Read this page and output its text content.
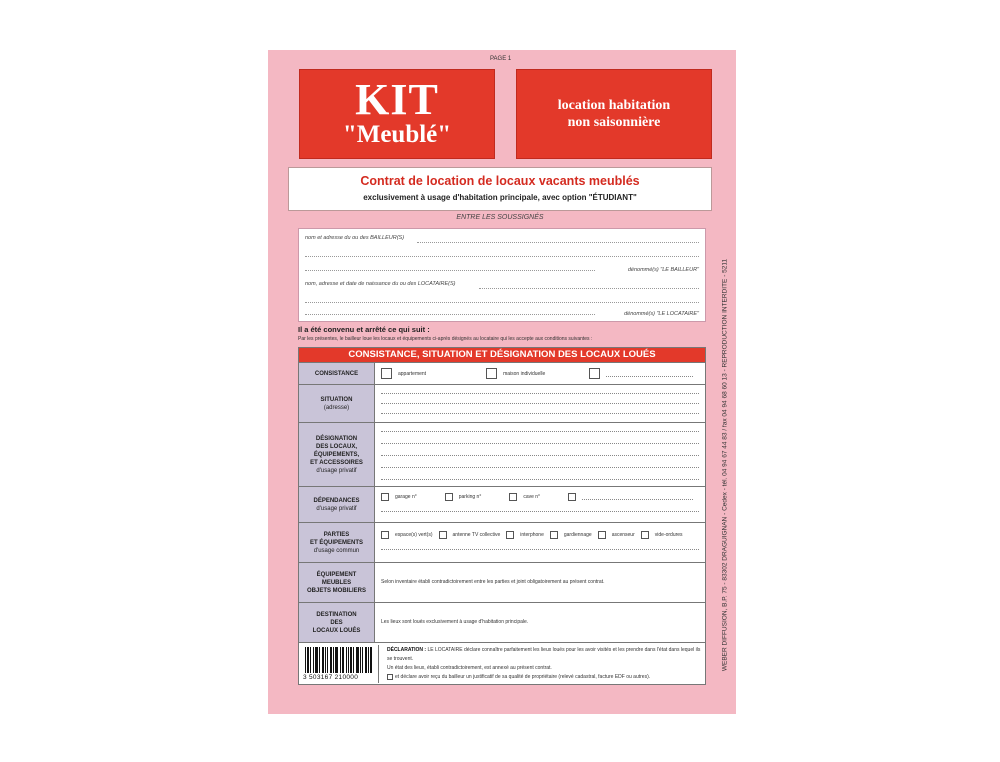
PAGE 1
KIT
"Meublé"
location habitation
non saisonnière
Contrat de location de locaux vacants meublés
exclusivement à usage d'habitation principale, avec option "ÉTUDIANT"
ENTRE LES SOUSSIGNÉS
nom et adresse du ou des BAILLEUR(S)
dénommé(s) "LE BAILLEUR"
nom, adresse et date de naissance du ou des LOCATAIRE(S)
dénommé(s) "LE LOCATAIRE"
Il a été convenu et arrêté ce qui suit :
Par les présentes, le bailleur loue les locaux et équipements ci-après désignés au locataire qui les accepte aux conditions suivantes :
CONSISTANCE, SITUATION ET DÉSIGNATION DES LOCAUX LOUÉS
CONSISTANCE	appartement	maison individuelle
SITUATION
(adresse)
DÉSIGNATION
DES LOCAUX,
ÉQUIPEMENTS,
ET ACCESSOIRES
d'usage privatif
DÉPENDANCES
d'usage privatif
garage n°	parking n°	cave n°
PARTIES
ET ÉQUIPEMENTS
d'usage commun
espace(s) vert(s)	antenne TV collective	interphone	gardiennage	ascenseur	vide-ordures
ÉQUIPEMENT
MEUBLES
OBJETS MOBILIERS
Selon inventaire établi contradictoirement entre les parties et joint obligatoirement au présent contrat.
DESTINATION
DES
LOCAUX LOUÉS
Les lieux sont loués exclusivement à usage d'habitation principale.
3 503167 210000
DÉCLARATION : LE LOCATAIRE déclare connaître parfaitement les lieux loués pour les avoir visités et les prendre dans l'état dans lequel ils se trouvent.
Un état des lieux, établi contradictoirement, est annexé au présent contrat.
et déclare avoir reçu du bailleur un justificatif de sa qualité de propriétaire (relevé cadastral, facture EDF ou autres).
WEBER DIFFUSION, B.P. 75 - 83302 DRAGUIGNAN - Cedex - tél. 04 94 67 44 83 / fax 04 94 68 60 13 - REPRODUCTION INTERDITE - 5211
